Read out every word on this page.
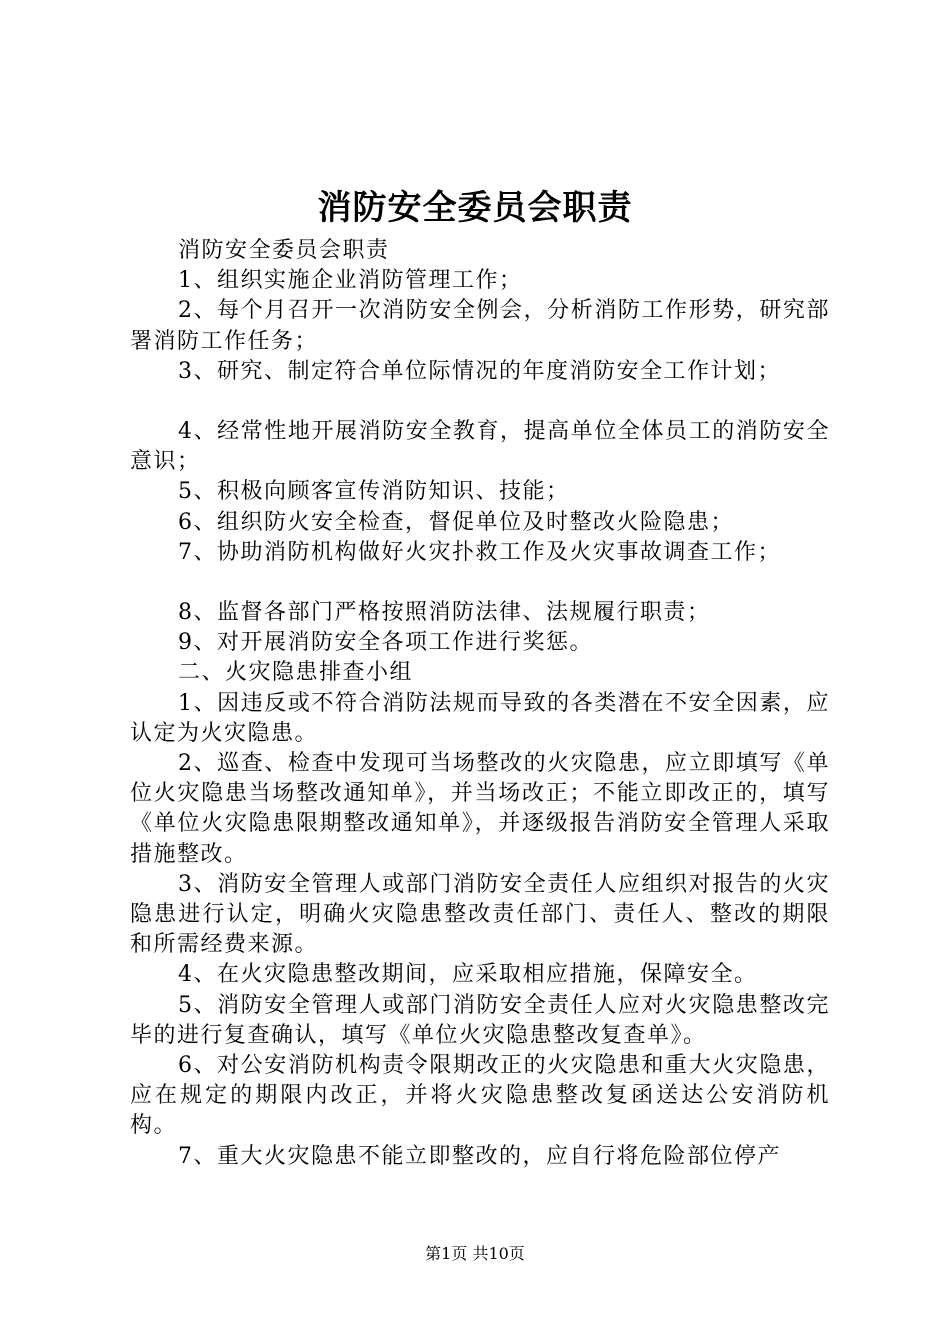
消防安全委员会职责

消防安全委员会职责

1、组织实施企业消防管理工作；

2、每个月召开一次消防安全例会，分析消防工作形势，研究部署消防工作任务；

3、研究、制定符合单位际情况的年度消防安全工作计划；

4、经常性地开展消防安全教育，提高单位全体员工的消防安全意识；

5、积极向顾客宣传消防知识、技能；

6、组织防火安全检查，督促单位及时整改火险隐患；

7、协助消防机构做好火灾扑救工作及火灾事故调查工作；

8、监督各部门严格按照消防法律、法规履行职责；

9、对开展消防安全各项工作进行奖惩。

二、火灾隐患排查小组

1、因违反或不符合消防法规而导致的各类潜在不安全因素，应认定为火灾隐患。

2、巡查、检查中发现可当场整改的火灾隐患，应立即填写《单位火灾隐患当场整改通知单》，并当场改正；不能立即改正的，填写《单位火灾隐患限期整改通知单》，并逐级报告消防安全管理人采取措施整改。

3、消防安全管理人或部门消防安全责任人应组织对报告的火灾隐患进行认定，明确火灾隐患整改责任部门、责任人、整改的期限和所需经费来源。

4、在火灾隐患整改期间，应采取相应措施，保障安全。

5、消防安全管理人或部门消防安全责任人应对火灾隐患整改完毕的进行复查确认，填写《单位火灾隐患整改复查单》。

6、对公安消防机构责令限期改正的火灾隐患和重大火灾隐患，应在规定的期限内改正，并将火灾隐患整改复函送达公安消防机构。

7、重大火灾隐患不能立即整改的，应自行将危险部位停产

第1页 共10页
